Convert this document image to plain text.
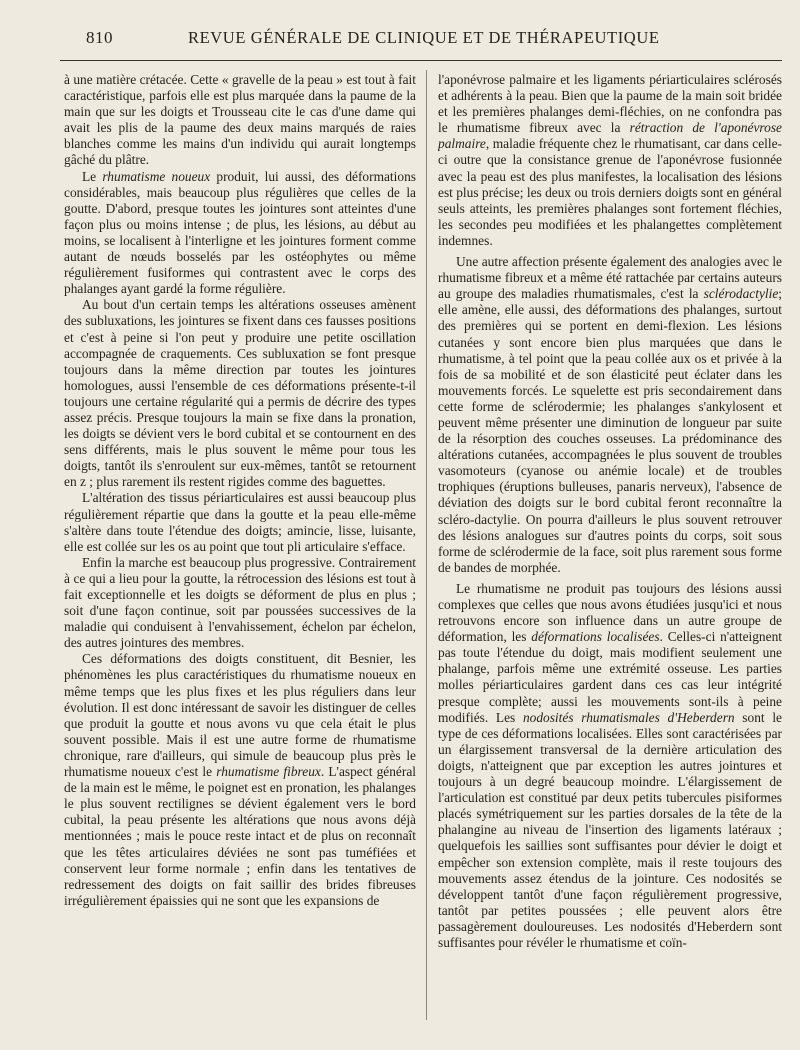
810	REVUE GÉNÉRALE DE CLINIQUE ET DE THÉRAPEUTIQUE

à une matière crétacée. Cette « gravelle de la peau » est tout à fait caractéristique, parfois elle est plus marquée dans la paume de la main que sur les doigts et Trousseau cite le cas d'une dame qui avait les plis de la paume des deux mains marqués de raies blanches comme les mains d'un individu qui aurait longtemps gâché du plâtre.

Le rhumatisme noueux produit, lui aussi, des déformations considérables, mais beaucoup plus régulières que celles de la goutte. D'abord, presque toutes les jointures sont atteintes d'une façon plus ou moins intense ; de plus, les lésions, au début au moins, se localisent à l'interligne et les jointures forment comme autant de nœuds bosselés par les ostéophytes ou même régulièrement fusiformes qui contrastent avec le corps des phalanges ayant gardé la forme régulière.

Au bout d'un certain temps les altérations osseuses amènent des subluxations, les jointures se fixent dans ces fausses positions et c'est à peine si l'on peut y produire une petite oscillation accompagnée de craquements. Ces subluxation se font presque toujours dans la même direction par toutes les jointures homologues, aussi l'ensemble de ces déformations présente-t-il toujours une certaine régularité qui a permis de décrire des types assez précis. Presque toujours la main se fixe dans la pronation, les doigts se dévient vers le bord cubital et se contournent en des sens différents, mais le plus souvent le même pour tous les doigts, tantôt ils s'enroulent sur eux-mêmes, tantôt se retournent en z ; plus rarement ils restent rigides comme des baguettes.

L'altération des tissus périarticulaires est aussi beaucoup plus régulièrement répartie que dans la goutte et la peau elle-même s'altère dans toute l'étendue des doigts; amincie, lisse, luisante, elle est collée sur les os au point que tout pli articulaire s'efface.

Enfin la marche est beaucoup plus progressive. Contrairement à ce qui a lieu pour la goutte, la rétrocession des lésions est tout à fait exceptionnelle et les doigts se déforment de plus en plus ; soit d'une façon continue, soit par poussées successives de la maladie qui conduisent à l'envahissement, échelon par échelon, des autres jointures des membres.

Ces déformations des doigts constituent, dit Besnier, les phénomènes les plus caractéristiques du rhumatisme noueux en même temps que les plus fixes et les plus réguliers dans leur évolution. Il est donc intéressant de savoir les distinguer de celles que produit la goutte et nous avons vu que cela était le plus souvent possible. Mais il est une autre forme de rhumatisme chronique, rare d'ailleurs, qui simule de beaucoup plus près le rhumatisme noueux c'est le rhumatisme fibreux. L'aspect général de la main est le même, le poignet est en pronation, les phalanges le plus souvent rectilignes se dévient également vers le bord cubital, la peau présente les altérations que nous avons déjà mentionnées ; mais le pouce reste intact et de plus on reconnaît que les têtes articulaires déviées ne sont pas tuméfiées et conservent leur forme normale ; enfin dans les tentatives de redressement des doigts on fait saillir des brides fibreuses irrégulièrement épaissies qui ne sont que les expansions de

l'aponévrose palmaire et les ligaments périarticulaires sclérosés et adhérents à la peau. Bien que la paume de la main soit bridée et les premières phalanges demi-fléchies, on ne confondra pas le rhumatisme fibreux avec la rétraction de l'aponévrose palmaire, maladie fréquente chez le rhumatisant, car dans celle-ci outre que la consistance grenue de l'aponévrose fusionnée avec la peau est des plus manifestes, la localisation des lésions est plus précise; les deux ou trois derniers doigts sont en général seuls atteints, les premières phalanges sont fortement fléchies, les secondes peu modifiées et les phalangettes complètement indemnes.

Une autre affection présente également des analogies avec le rhumatisme fibreux et a même été rattachée par certains auteurs au groupe des maladies rhumatismales, c'est la sclérodactylie; elle amène, elle aussi, des déformations des phalanges, surtout des premières qui se portent en demi-flexion. Les lésions cutanées y sont encore bien plus marquées que dans le rhumatisme, à tel point que la peau collée aux os et privée à la fois de sa mobilité et de son élasticité peut éclater dans les mouvements forcés. Le squelette est pris secondairement dans cette forme de sclérodermie; les phalanges s'ankylosent et peuvent même présenter une diminution de longueur par suite de la résorption des couches osseuses. La prédominance des altérations cutanées, accompagnées le plus souvent de troubles vasomoteurs (cyanose ou anémie locale) et de troubles trophiques (éruptions bulleuses, panaris nerveux), l'absence de déviation des doigts sur le bord cubital feront reconnaître la scléro-dactylie. On pourra d'ailleurs le plus souvent retrouver des lésions analogues sur d'autres points du corps, soit sous forme de sclérodermie de la face, soit plus rarement sous forme de bandes de morphée.

Le rhumatisme ne produit pas toujours des lésions aussi complexes que celles que nous avons étudiées jusqu'ici et nous retrouvons encore son influence dans un autre groupe de déformation, les déformations localisées. Celles-ci n'atteignent pas toute l'étendue du doigt, mais modifient seulement une phalange, parfois même une extrémité osseuse. Les parties molles périarticulaires gardent dans ces cas leur intégrité presque complète; aussi les mouvements sont-ils à peine modifiés. Les nodosités rhumatismales d'Heberdern sont le type de ces déformations localisées. Elles sont caractérisées par un élargissement transversal de la dernière articulation des doigts, n'atteignent que par exception les autres jointures et toujours à un degré beaucoup moindre. L'élargissement de l'articulation est constitué par deux petits tubercules pisiformes placés symétriquement sur les parties dorsales de la tête de la phalangine au niveau de l'insertion des ligaments latéraux ; quelquefois les saillies sont suffisantes pour dévier le doigt et empêcher son extension complète, mais il reste toujours des mouvements assez étendus de la jointure. Ces nodosités se développent tantôt d'une façon régulièrement progressive, tantôt par petites poussées ; elle peuvent alors être passagèrement douloureuses. Les nodosités d'Heberdern sont suffisantes pour révéler le rhumatisme et coïn-
